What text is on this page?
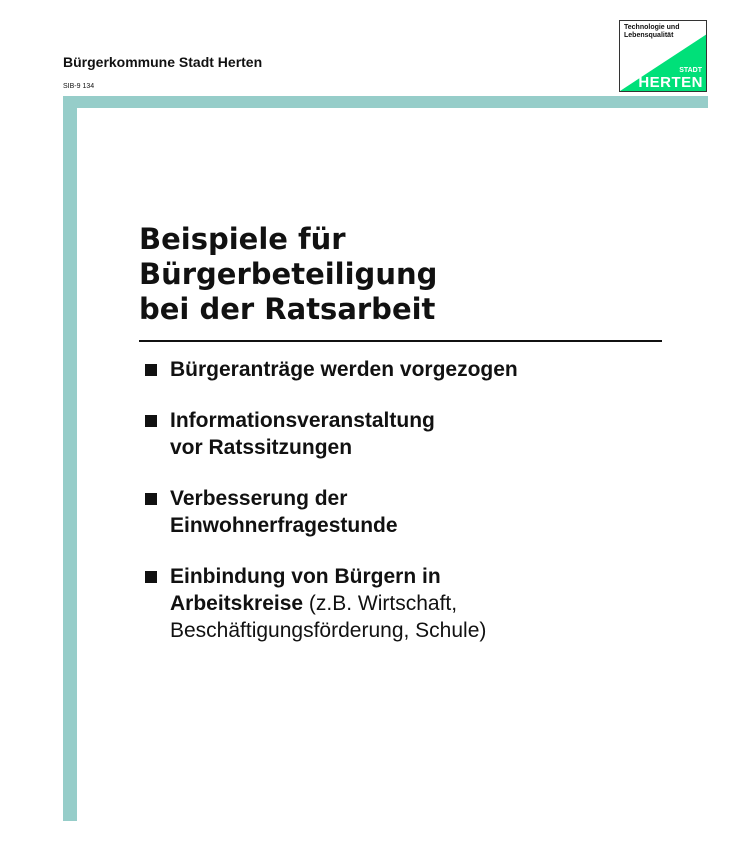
Bürgerkommune Stadt Herten
SIB-9 134
Technologie und
Lebensqualität
STADT
HERTEN
Beispiele für
Bürgerbeteiligung
bei der Ratsarbeit
Bürgeranträge werden vorgezogen
Informationsveranstaltung
vor Ratssitzungen
Verbesserung der
Einwohnerfragestunde
Einbindung von Bürgern in
Arbeitskreise (z.B. Wirtschaft,
Beschäftigungsförderung, Schule)
